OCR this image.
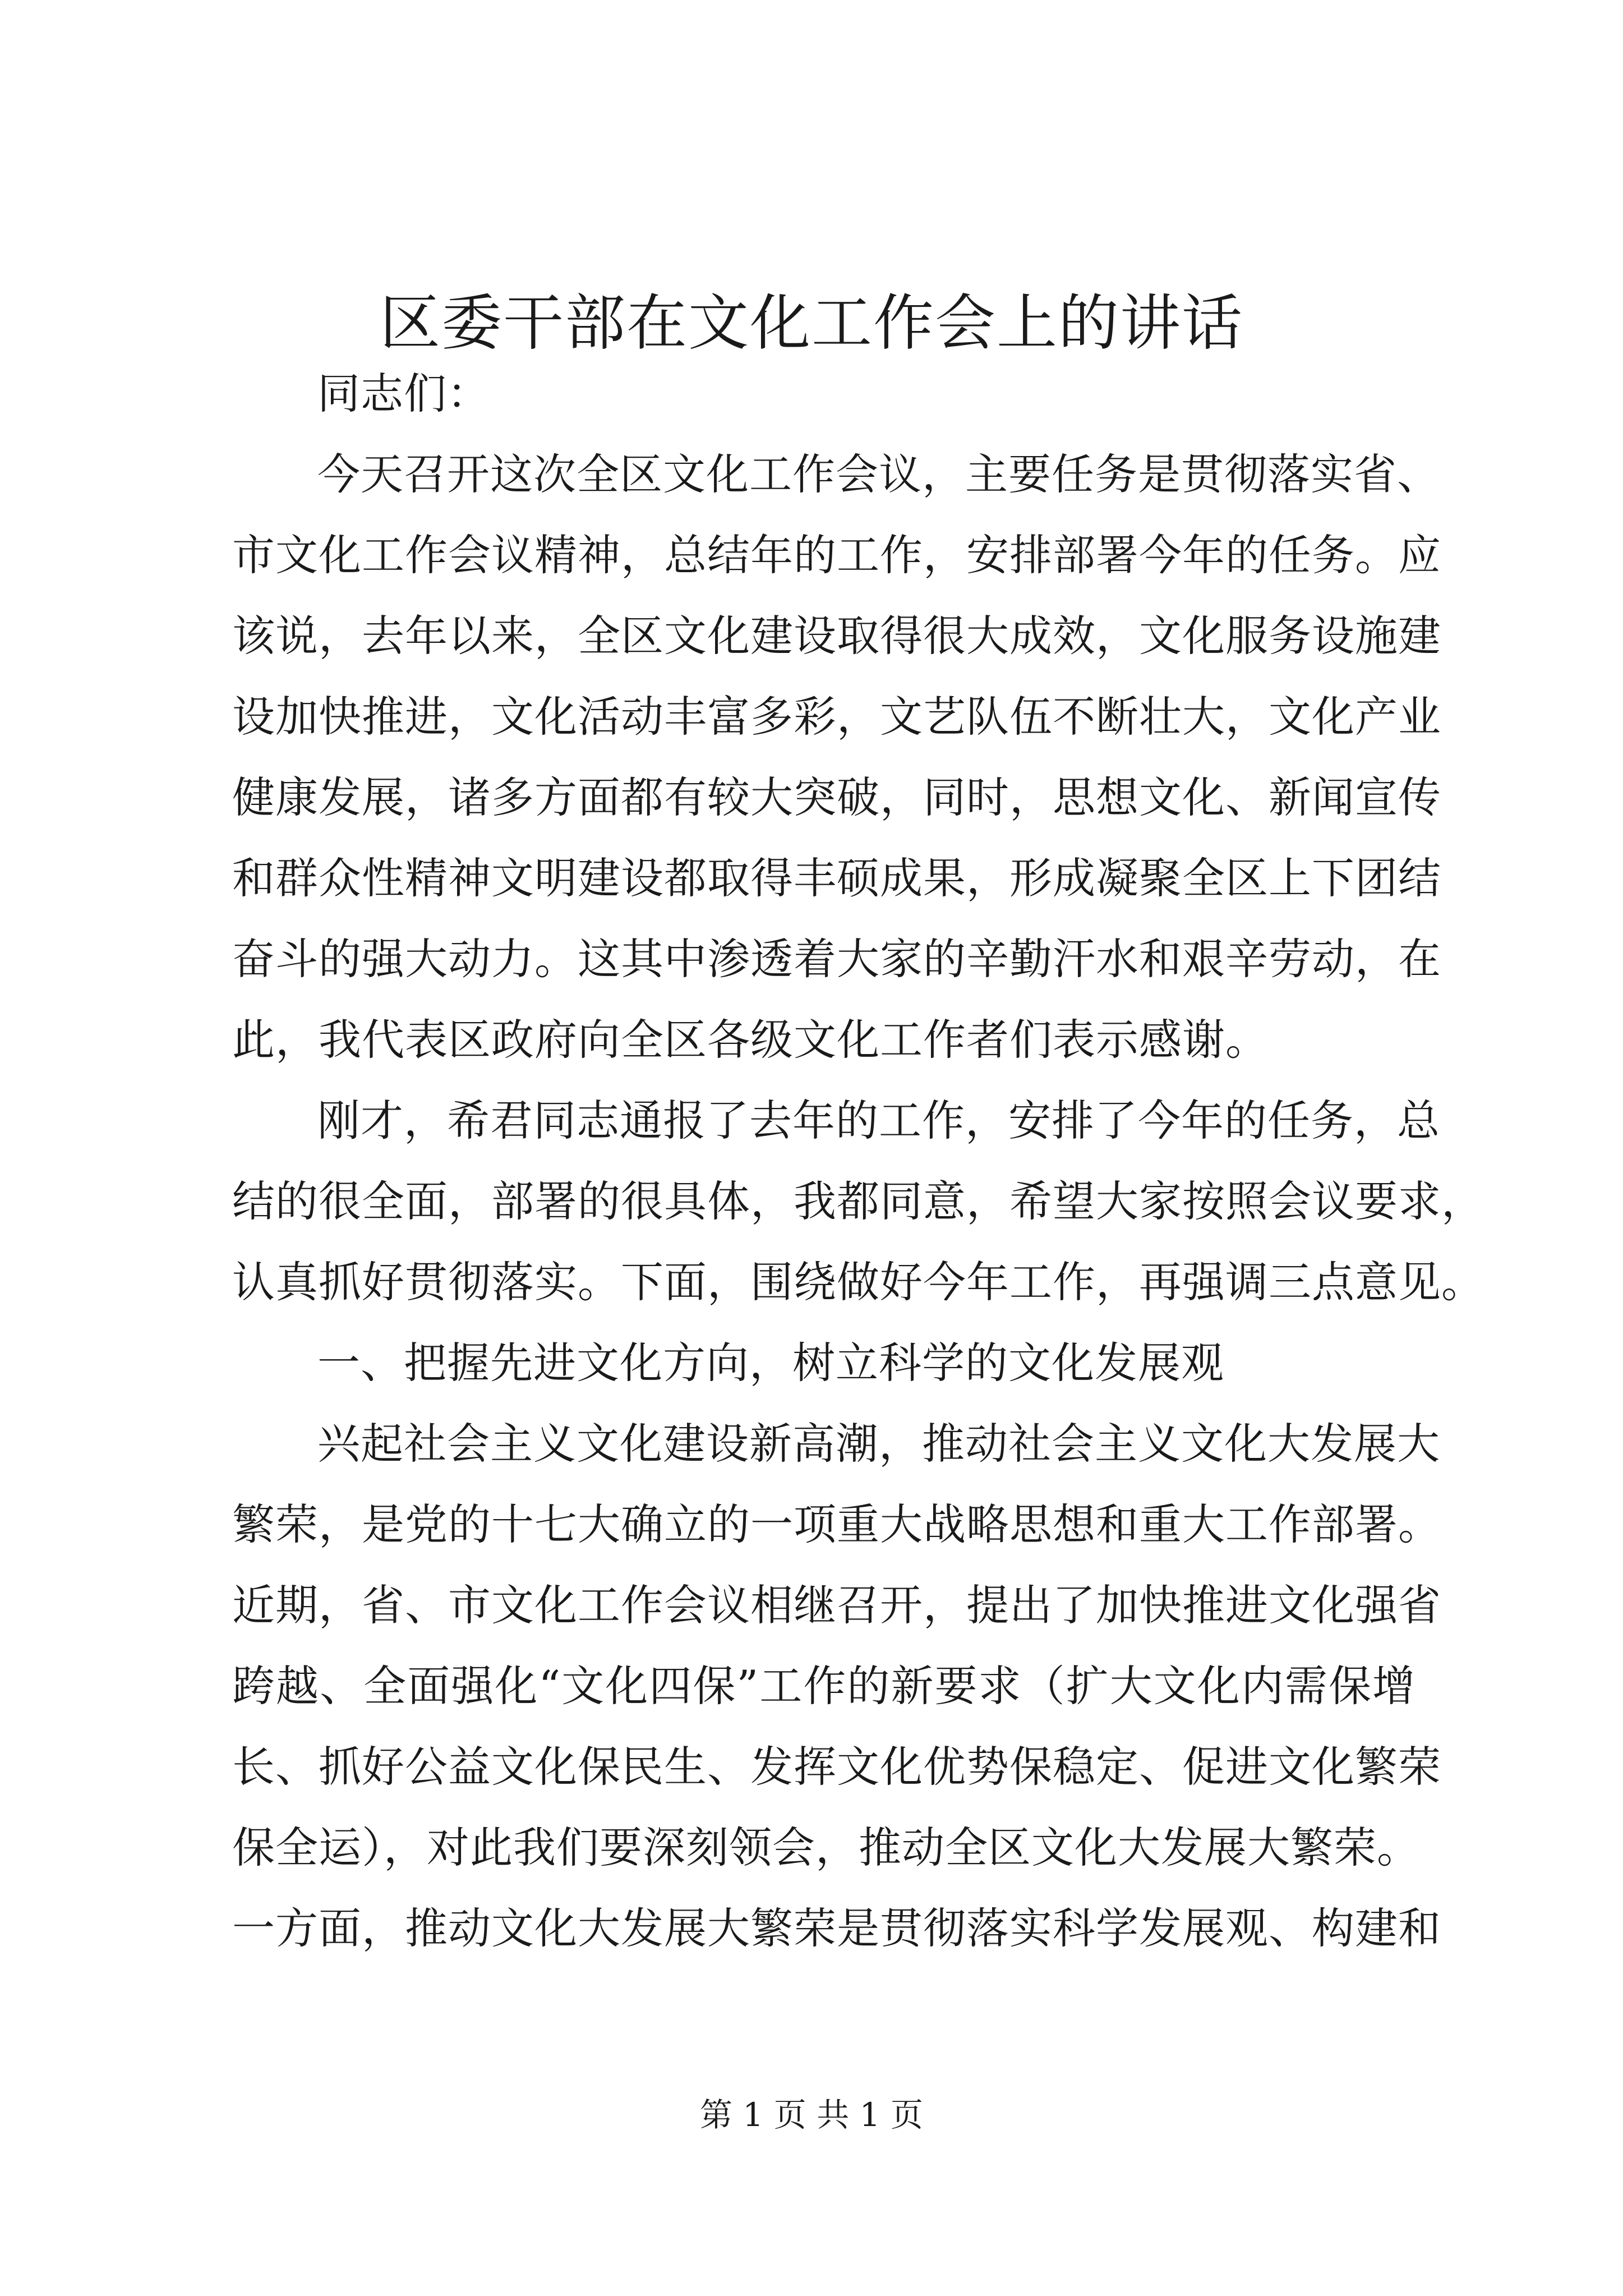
区委干部在文化工作会上的讲话
同志们：
今天召开这次全区文化工作会议，主要任务是贯彻落实省、
市文化工作会议精神，总结年的工作，安排部署今年的任务。应
该说，去年以来，全区文化建设取得很大成效，文化服务设施建
设加快推进，文化活动丰富多彩，文艺队伍不断壮大，文化产业
健康发展，诸多方面都有较大突破，同时，思想文化、新闻宣传
和群众性精神文明建设都取得丰硕成果，形成凝聚全区上下团结
奋斗的强大动力。这其中渗透着大家的辛勤汗水和艰辛劳动，在
此，我代表区政府向全区各级文化工作者们表示感谢。
刚才，希君同志通报了去年的工作，安排了今年的任务，总
结的很全面，部署的很具体，我都同意，希望大家按照会议要求，
认真抓好贯彻落实。下面，围绕做好今年工作，再强调三点意见。
一、把握先进文化方向，树立科学的文化发展观
兴起社会主义文化建设新高潮，推动社会主义文化大发展大
繁荣，是党的十七大确立的一项重大战略思想和重大工作部署。
近期，省、市文化工作会议相继召开，提出了加快推进文化强省
跨越、全面强化“文化四保”工作的新要求（扩大文化内需保增
长、抓好公益文化保民生、发挥文化优势保稳定、促进文化繁荣
保全运），对此我们要深刻领会，推动全区文化大发展大繁荣。
一方面，推动文化大发展大繁荣是贯彻落实科学发展观、构建和
第 1 页 共 1 页
